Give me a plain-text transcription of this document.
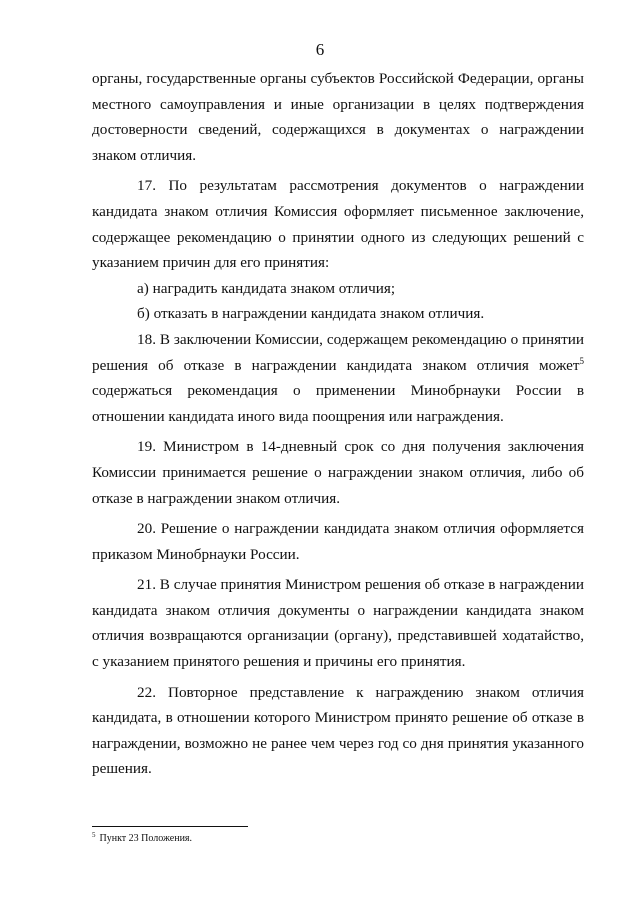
6

органы, государственные органы субъектов Российской Федерации, органы местного самоуправления и иные организации в целях подтверждения достоверности сведений, содержащихся в документах о награждении знаком отличия.

17. По результатам рассмотрения документов о награждении кандидата знаком отличия Комиссия оформляет письменное заключение, содержащее рекомендацию о принятии одного из следующих решений с указанием причин для его принятия:

а) наградить кандидата знаком отличия;

б) отказать в награждении кандидата знаком отличия.

18. В заключении Комиссии, содержащем рекомендацию о принятии решения об отказе в награждении кандидата знаком отличия может$^5$ содержаться рекомендация о применении Минобрнауки России в отношении кандидата иного вида поощрения или награждения.

19. Министром в 14-дневный срок со дня получения заключения Комиссии принимается решение о награждении знаком отличия, либо об отказе в награждении знаком отличия.

20. Решение о награждении кандидата знаком отличия оформляется приказом Минобрнауки России.

21. В случае принятия Министром решения об отказе в награждении кандидата знаком отличия документы о награждении кандидата знаком отличия возвращаются организации (органу), представившей ходатайство, с указанием принятого решения и причины его принятия.

22. Повторное представление к награждению знаком отличия кандидата, в отношении которого Министром принято решение об отказе в награждении, возможно не ранее чем через год со дня принятия указанного решения.

$^5$ Пункт 23 Положения.
